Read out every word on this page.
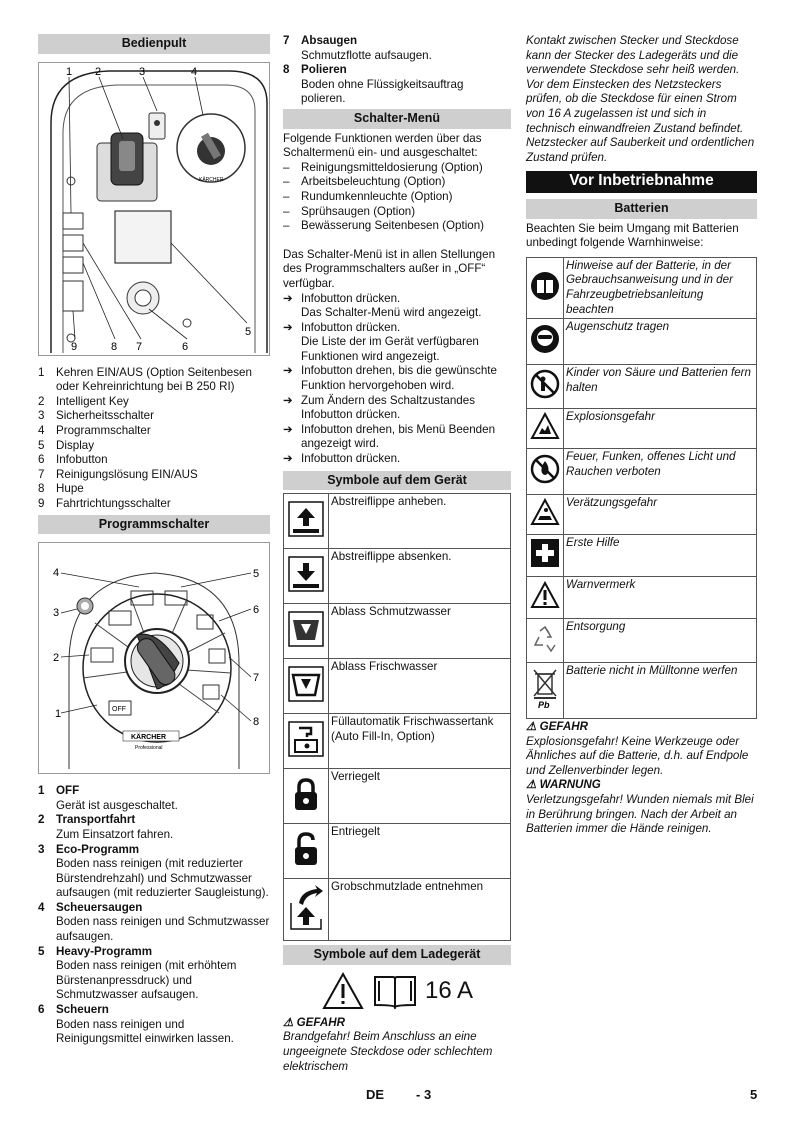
Bedienpult
KÄRCHER
1 2	3	4
5
6
7
8
9
1 Kehren EIN/AUS (Option Seitenbesen oder Kehreinrichtung bei B 250 RI)
2 Intelligent Key
3 Sicherheitsschalter
4 Programmschalter
5 Display
6 Infobutton
7 Reinigungslösung EIN/AUS
8 Hupe
9 Fahrtrichtungsschalter
Programmschalter
OFF
KÄRCHER
Professional
1
2
3
4	5
6
7
8
1 OFF
Gerät ist ausgeschaltet.
2 Transportfahrt
Zum Einsatzort fahren.
3 Eco-Programm
Boden nass reinigen (mit reduzierter Bürstendrehzahl) und Schmutzwasser aufsaugen (mit reduzierter Saugleistung).
4 Scheuersaugen
Boden nass reinigen und Schmutzwasser aufsaugen.
5 Heavy-Programm
Boden nass reinigen (mit erhöhtem Bürstenanpressdruck) und Schmutzwasser aufsaugen.
6 Scheuern
Boden nass reinigen und Reinigungsmittel einwirken lassen.
7 Absaugen
Schmutzflotte aufsaugen.
8 Polieren
Boden ohne Flüssigkeitsauftrag polieren.
Schalter-Menü

Folgende Funktionen werden über das Schaltermenü ein- und ausgeschaltet:

– Reinigungsmitteldosierung (Option)
– Arbeitsbeleuchtung (Option)
– Rundumkennleuchte (Option)
– Sprühsaugen (Option)
– Bewässerung Seitenbesen (Option)

Das Schalter-Menü ist in allen Stellungen des Programmschalters außer in „OFF“ verfügbar.

➔ Infobutton drücken.
Das Schalter-Menü wird angezeigt.
➔ Infobutton drücken.
Die Liste der im Gerät verfügbaren Funktionen wird angezeigt.
➔ Infobutton drehen, bis die gewünschte Funktion hervorgehoben wird.
➔ Zum Ändern des Schaltzustandes Infobutton drücken.
➔ Infobutton drehen, bis Menü Beenden angezeigt wird.
➔ Infobutton drücken.
Symbole auf dem Gerät
	Abstreiflippe anheben.
	Abstreiflippe absenken.
	Ablass Schmutzwasser
	Ablass Frischwasser
	Füllautomatik Frischwassertank (Auto Fill-In, Option)
	Verriegelt
	Entriegelt
	Grobschmutzlade entnehmen
Symbole auf dem Ladegerät
16 A
⚠ GEFAHR
Brandgefahr! Beim Anschluss an eine ungeeignete Steckdose oder schlechtem elektrischem

Kontakt zwischen Stecker und Steckdose kann der Stecker des Ladegeräts und die verwendete Steckdose sehr heiß werden. Vor dem Einstecken des Netzsteckers prüfen, ob die Steckdose für einen Strom von 16 A zugelassen ist und sich in technisch einwandfreien Zustand befindet. Netzstecker auf Sauberkeit und ordentlichen Zustand prüfen.

Vor Inbetriebnahme
Batterien

Beachten Sie beim Umgang mit Batterien unbedingt folgende Warnhinweise:

	Hinweise auf der Batterie, in der Gebrauchsanweisung und in der Fahrzeugbetriebsanleitung beachten
	Augenschutz tragen
	Kinder von Säure und Batterien fern halten
	Explosionsgefahr
	Feuer, Funken, offenes Licht und Rauchen verboten
	Verätzungsgefahr
	Erste Hilfe
	Warnvermerk
	Entsorgung

Pb	Batterie nicht in Mülltonne werfen
⚠ GEFAHR
Explosionsgefahr! Keine Werkzeuge oder Ähnliches auf die Batterie, d.h. auf Endpole und Zellenverbinder legen.
⚠ WARNUNG
Verletzungsgefahr! Wunden niemals mit Blei in Berührung bringen. Nach der Arbeit an Batterien immer die Hände reinigen.
DE - 3	5
